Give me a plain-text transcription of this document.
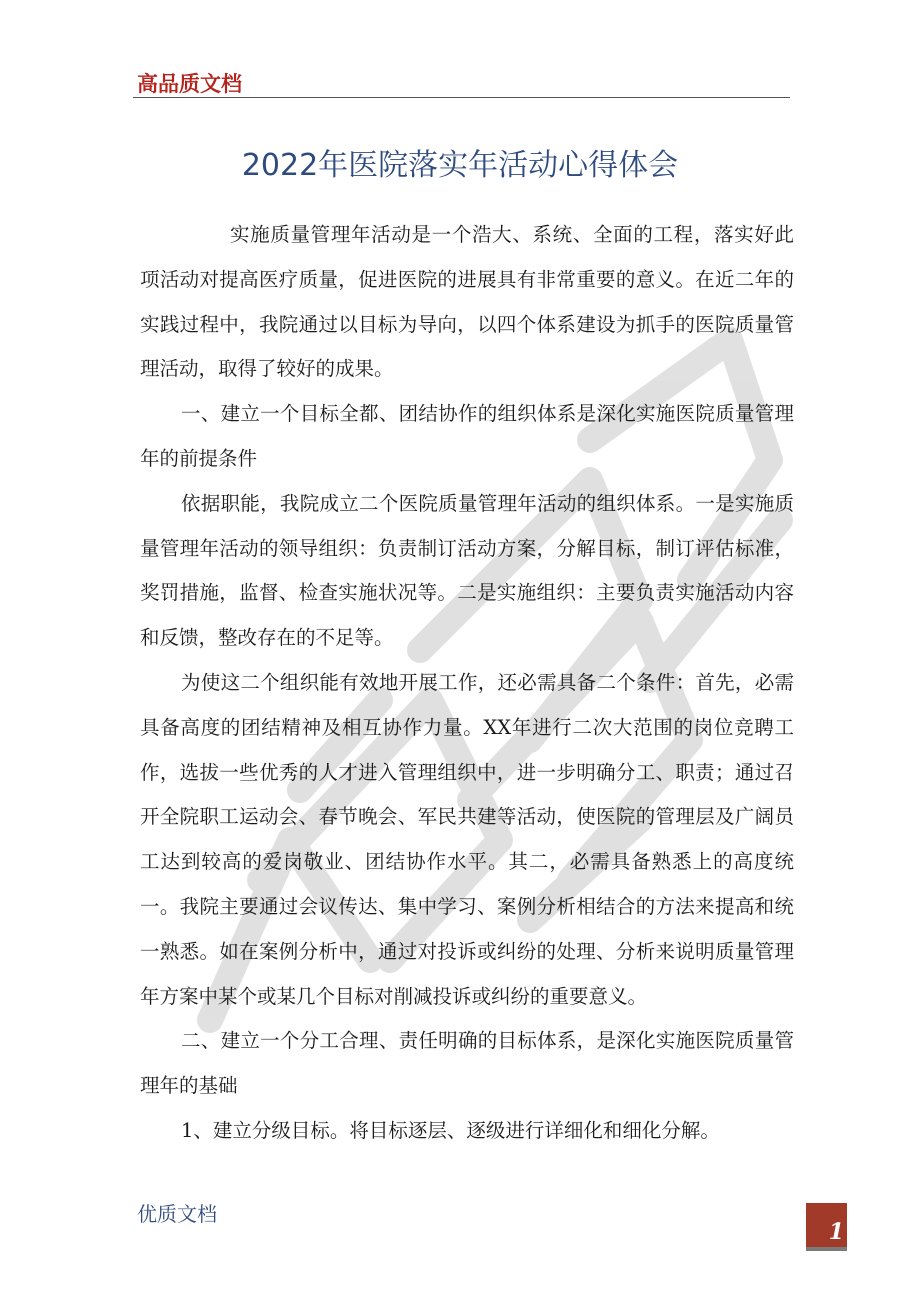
高品质文档
2022年医院落实年活动心得体会

实施质量管理年活动是一个浩大、系统、全面的工程，落实好此项活动对提高医疗质量，促进医院的进展具有非常重要的意义。在近二年的实践过程中，我院通过以目标为导向，以四个体系建设为抓手的医院质量管理活动，取得了较好的成果。

一、建立一个目标全都、团结协作的组织体系是深化实施医院质量管理年的前提条件

依据职能，我院成立二个医院质量管理年活动的组织体系。一是实施质量管理年活动的领导组织：负责制订活动方案，分解目标，制订评估标准，奖罚措施，监督、检查实施状况等。二是实施组织：主要负责实施活动内容和反馈，整改存在的不足等。

为使这二个组织能有效地开展工作，还必需具备二个条件：首先，必需具备高度的团结精神及相互协作力量。XX年进行二次大范围的岗位竞聘工作，选拔一些优秀的人才进入管理组织中，进一步明确分工、职责；通过召开全院职工运动会、春节晚会、军民共建等活动，使医院的管理层及广阔员工达到较高的爱岗敬业、团结协作水平。其二，必需具备熟悉上的高度统一。我院主要通过会议传达、集中学习、案例分析相结合的方法来提高和统一熟悉。如在案例分析中，通过对投诉或纠纷的处理、分析来说明质量管理年方案中某个或某几个目标对削减投诉或纠纷的重要意义。

二、建立一个分工合理、责任明确的目标体系，是深化实施医院质量管理年的基础

1、建立分级目标。将目标逐层、逐级进行详细化和细化分解。

优质文档
1
